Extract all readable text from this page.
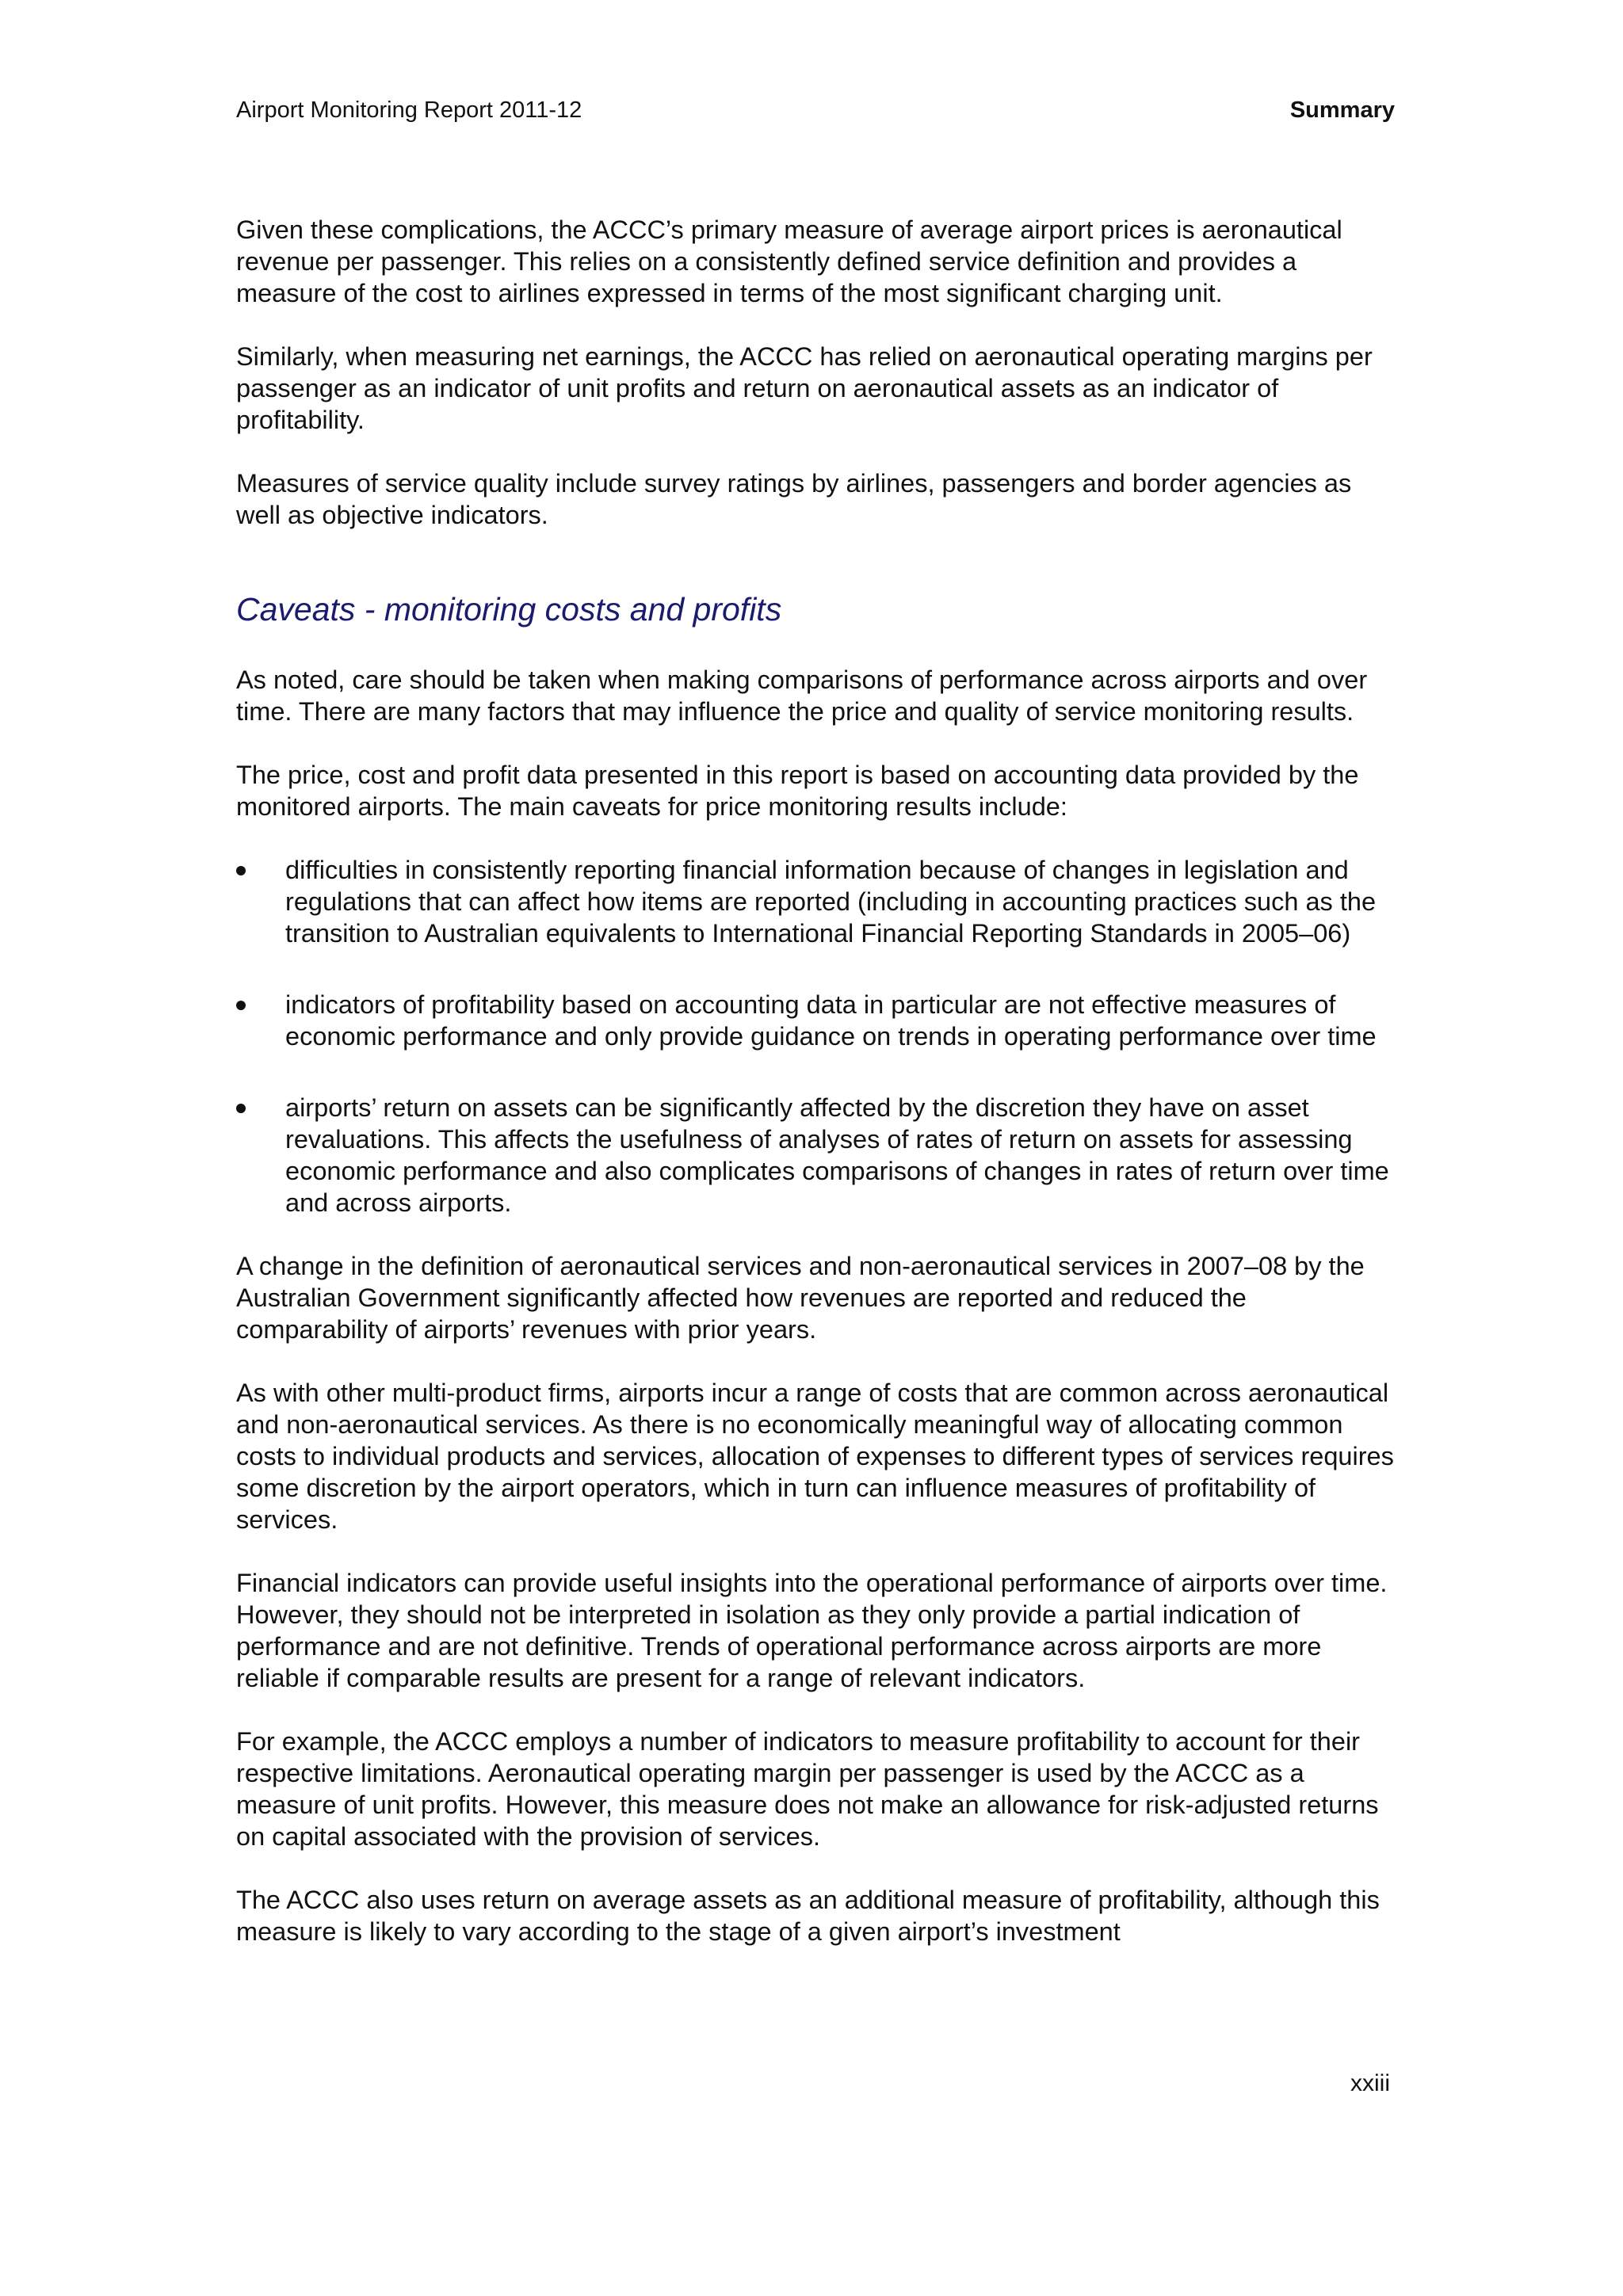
Airport Monitoring Report 2011-12	Summary

Given these complications, the ACCC’s primary measure of average airport prices is aeronautical revenue per passenger. This relies on a consistently defined service definition and provides a measure of the cost to airlines expressed in terms of the most significant charging unit.

Similarly, when measuring net earnings, the ACCC has relied on aeronautical operating margins per passenger as an indicator of unit profits and return on aeronautical assets as an indicator of profitability.

Measures of service quality include survey ratings by airlines, passengers and border agencies as well as objective indicators.

Caveats - monitoring costs and profits

As noted, care should be taken when making comparisons of performance across airports and over time. There are many factors that may influence the price and quality of service monitoring results.

The price, cost and profit data presented in this report is based on accounting data provided by the monitored airports. The main caveats for price monitoring results include:

difficulties in consistently reporting financial information because of changes in legislation and regulations that can affect how items are reported (including in accounting practices such as the transition to Australian equivalents to International Financial Reporting Standards in 2005–06)
indicators of profitability based on accounting data in particular are not effective measures of economic performance and only provide guidance on trends in operating performance over time
airports’ return on assets can be significantly affected by the discretion they have on asset revaluations. This affects the usefulness of analyses of rates of return on assets for assessing economic performance and also complicates comparisons of changes in rates of return over time and across airports.

A change in the definition of aeronautical services and non-aeronautical services in 2007–08 by the Australian Government significantly affected how revenues are reported and reduced the comparability of airports’ revenues with prior years.

As with other multi-product firms, airports incur a range of costs that are common across aeronautical and non-aeronautical services. As there is no economically meaningful way of allocating common costs to individual products and services, allocation of expenses to different types of services requires some discretion by the airport operators, which in turn can influence measures of profitability of services.

Financial indicators can provide useful insights into the operational performance of airports over time. However, they should not be interpreted in isolation as they only provide a partial indication of performance and are not definitive. Trends of operational performance across airports are more reliable if comparable results are present for a range of relevant indicators.

For example, the ACCC employs a number of indicators to measure profitability to account for their respective limitations. Aeronautical operating margin per passenger is used by the ACCC as a measure of unit profits. However, this measure does not make an allowance for risk-adjusted returns on capital associated with the provision of services.

The ACCC also uses return on average assets as an additional measure of profitability, although this measure is likely to vary according to the stage of a given airport’s investment

xxiii
